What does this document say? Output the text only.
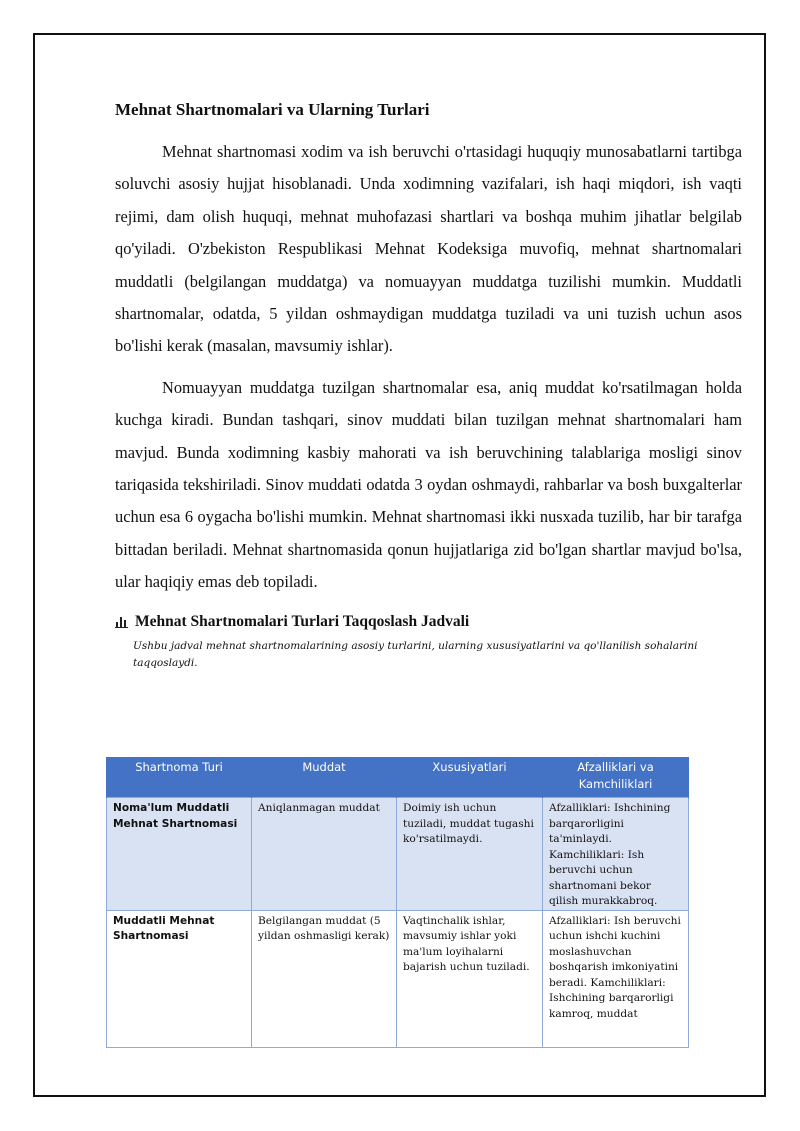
Mehnat Shartnomalari va Ularning Turlari

Mehnat shartnomasi xodim va ish beruvchi o'rtasidagi huquqiy munosabatlarni tartibga soluvchi asosiy hujjat hisoblanadi. Unda xodimning vazifalari, ish haqi miqdori, ish vaqti rejimi, dam olish huquqi, mehnat muhofazasi shartlari va boshqa muhim jihatlar belgilab qo'yiladi. O'zbekiston Respublikasi Mehnat Kodeksiga muvofiq, mehnat shartnomalari muddatli (belgilangan muddatga) va nomuayyan muddatga tuzilishi mumkin. Muddatli shartnomalar, odatda, 5 yildan oshmaydigan muddatga tuziladi va uni tuzish uchun asos bo'lishi kerak (masalan, mavsumiy ishlar).

Nomuayyan muddatga tuzilgan shartnomalar esa, aniq muddat ko'rsatilmagan holda kuchga kiradi. Bundan tashqari, sinov muddati bilan tuzilgan mehnat shartnomalari ham mavjud. Bunda xodimning kasbiy mahorati va ish beruvchining talablariga mosligi sinov tariqasida tekshiriladi. Sinov muddati odatda 3 oydan oshmaydi, rahbarlar va bosh buxgalterlar uchun esa 6 oygacha bo'lishi mumkin. Mehnat shartnomasi ikki nusxada tuzilib, har bir tarafga bittadan beriladi. Mehnat shartnomasida qonun hujjatlariga zid bo'lgan shartlar mavjud bo'lsa, ular haqiqiy emas deb topiladi.

Mehnat Shartnomalari Turlari Taqqoslash Jadvali
Ushbu jadval mehnat shartnomalarining asosiy turlarini, ularning xususiyatlarini va qo'llanilish sohalarini taqqoslaydi.
Shartnoma Turi	Muddat	Xususiyatlari	Afzalliklari va Kamchiliklari
Noma'lum Muddatli Mehnat Shartnomasi	Aniqlanmagan muddat	Doimiy ish uchun tuziladi, muddat tugashi ko'rsatilmaydi.	Afzalliklari: Ishchining barqarorligini ta'minlaydi. Kamchiliklari: Ish beruvchi uchun shartnomani bekor qilish murakkabroq.
Muddatli Mehnat Shartnomasi	Belgilangan muddat (5 yildan oshmasligi kerak)	Vaqtinchalik ishlar, mavsumiy ishlar yoki ma'lum loyihalarni bajarish uchun tuziladi.	Afzalliklari: Ish beruvchi uchun ishchi kuchini moslashuvchan boshqarish imkoniyatini beradi. Kamchiliklari: Ishchining barqarorligi kamroq, muddat
